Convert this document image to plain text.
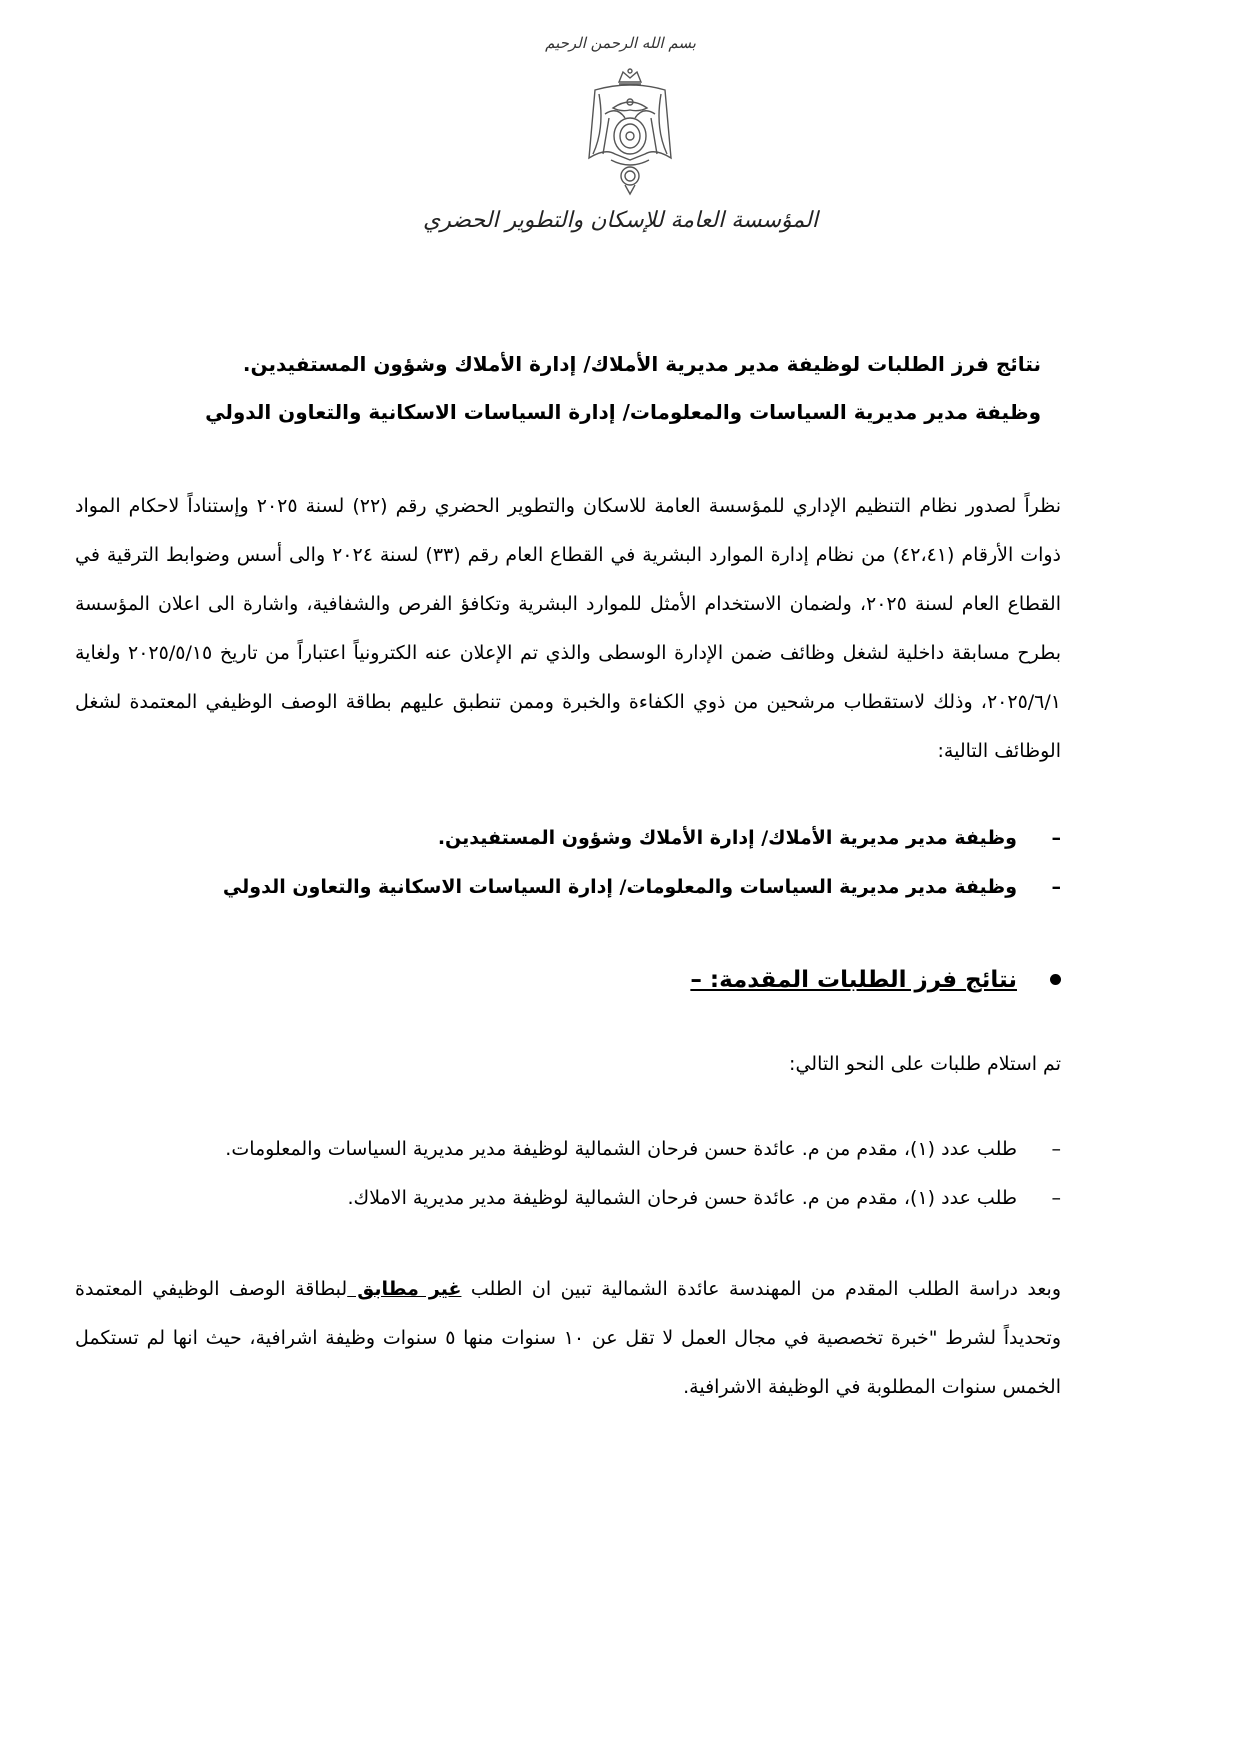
بسم الله الرحمن الرحيم
المؤسسة العامة للإسكان والتطوير الحضري
نتائج فرز الطلبات لوظيفة مدير مديرية الأملاك/ إدارة الأملاك وشؤون المستفيدين.
وظيفة مدير مديرية السياسات والمعلومات/ إدارة السياسات الاسكانية والتعاون الدولي

نظراً لصدور نظام التنظيم الإداري للمؤسسة العامة للاسكان والتطوير الحضري رقم (٢٢) لسنة ٢٠٢٥ وإستناداً لاحكام المواد ذوات الأرقام (٤٢،٤١) من نظام إدارة الموارد البشرية في القطاع العام رقم (٣٣) لسنة ٢٠٢٤ والى أسس وضوابط الترقية في القطاع العام لسنة ٢٠٢٥، ولضمان الاستخدام الأمثل للموارد البشرية وتكافؤ الفرص والشفافية، واشارة الى اعلان المؤسسة بطرح مسابقة داخلية لشغل وظائف ضمن الإدارة الوسطى والذي تم الإعلان عنه الكترونياً اعتباراً من تاريخ ٢٠٢٥/٥/١٥ ولغاية ٢٠٢٥/٦/١، وذلك لاستقطاب مرشحين من ذوي الكفاءة والخبرة وممن تنطبق عليهم بطاقة الوصف الوظيفي المعتمدة لشغل الوظائف التالية:

– وظيفة مدير مديرية الأملاك/ إدارة الأملاك وشؤون المستفيدين.
– وظيفة مدير مديرية السياسات والمعلومات/ إدارة السياسات الاسكانية والتعاون الدولي
نتائج فرز الطلبات المقدمة: –

تم استلام طلبات على النحو التالي:

– طلب عدد (١)، مقدم من م. عائدة حسن فرحان الشمالية لوظيفة مدير مديرية السياسات والمعلومات.
– طلب عدد (١)، مقدم من م. عائدة حسن فرحان الشمالية لوظيفة مدير مديرية الاملاك.

وبعد دراسة الطلب المقدم من المهندسة عائدة الشمالية تبين ان الطلب غير مطابق لبطاقة الوصف الوظيفي المعتمدة وتحديداً لشرط "خبرة تخصصية في مجال العمل لا تقل عن ١٠ سنوات منها ٥ سنوات وظيفة اشرافية، حيث انها لم تستكمل الخمس سنوات المطلوبة في الوظيفة الاشرافية.
